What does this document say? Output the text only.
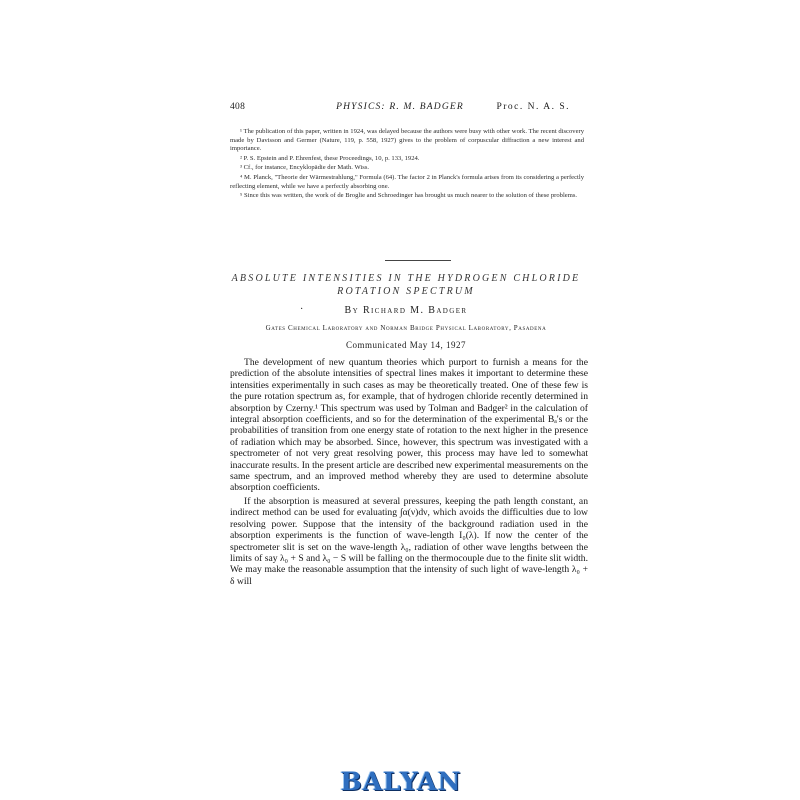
408	PHYSICS: R. M. BADGER	Proc. N. A. S.

¹ The publication of this paper, written in 1924, was delayed because the authors were busy with other work. The recent discovery made by Davisson and Germer (Nature, 119, p. 558, 1927) gives to the problem of corpuscular diffraction a new interest and importance.

² P. S. Epstein and P. Ehrenfest, these Proceedings, 10, p. 133, 1924.

³ Cf., for instance, Encyklopädie der Math. Wiss.

⁴ M. Planck, "Theorie der Wärmestrahlung," Formula (64). The factor 2 in Planck's formula arises from its considering a perfectly reflecting element, while we have a perfectly absorbing one.

⁵ Since this was written, the work of de Broglie and Schroedinger has brought us much nearer to the solution of these problems.

ABSOLUTE INTENSITIES IN THE HYDROGEN CHLORIDE ROTATION SPECTRUM
·	By Richard M. Badger
Gates Chemical Laboratory and Norman Bridge Physical Laboratory, Pasadena
Communicated May 14, 1927

The development of new quantum theories which purport to furnish a means for the prediction of the absolute intensities of spectral lines makes it important to determine these intensities experimentally in such cases as may be theoretically treated. One of these few is the pure rotation spectrum as, for example, that of hydrogen chloride recently determined in absorption by Czerny.¹ This spectrum was used by Tolman and Badger² in the calculation of integral absorption coefficients, and so for the determination of the experimental Bₐ's or the probabilities of transition from one energy state of rotation to the next higher in the presence of radiation which may be absorbed. Since, however, this spectrum was investigated with a spectrometer of not very great resolving power, this process may have led to somewhat inaccurate results. In the present article are described new experimental measurements on the same spectrum, and an improved method whereby they are used to determine absolute absorption coefficients.

If the absorption is measured at several pressures, keeping the path length constant, an indirect method can be used for evaluating ∫α(ν)dν, which avoids the difficulties due to low resolving power. Suppose that the intensity of the background radiation used in the absorption experiments is the function of wave-length I₀(λ). If now the center of the spectrometer slit is set on the wave-length λ₀, radiation of other wave lengths between the limits of say λ₀ + S and λ₀ − S will be falling on the thermocouple due to the finite slit width. We may make the reasonable assumption that the intensity of such light of wave-length λ₀ + δ will

BALYAN
